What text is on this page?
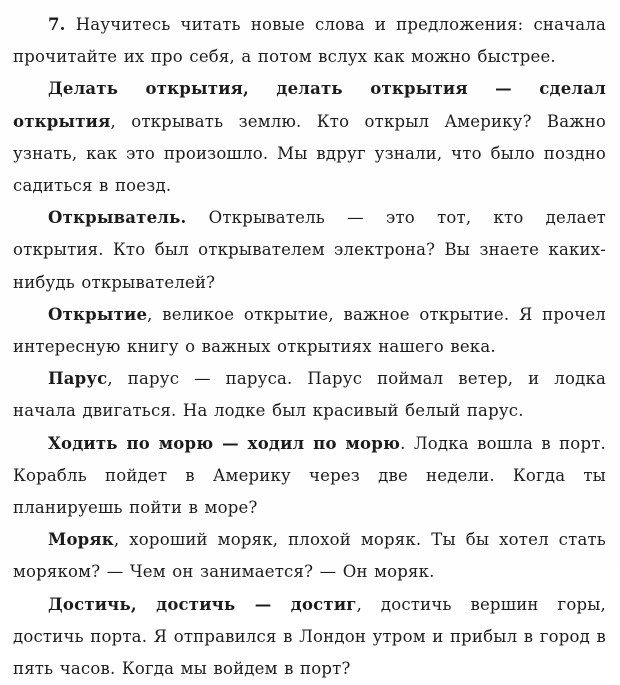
7. Научитесь читать новые слова и предложения: сначала прочитайте их про себя, а потом вслух как можно быстрее.

Делать открытия, делать открытия — сделал открытия, открывать землю. Кто открыл Америку? Важно узнать, как это произошло. Мы вдруг узнали, что было поздно садиться в поезд.

Открыватель. Открыватель — это тот, кто делает открытия. Кто был открывателем электрона? Вы знаете каких-нибудь открывателей?

Открытие, великое открытие, важное открытие. Я прочел интересную книгу о важных открытиях нашего века.

Парус, парус — паруса. Парус поймал ветер, и лодка начала двигаться. На лодке был красивый белый парус.

Ходить по морю — ходил по морю. Лодка вошла в порт. Корабль пойдет в Америку через две недели. Когда ты планируешь пойти в море?

Моряк, хороший моряк, плохой моряк. Ты бы хотел стать моряком? — Чем он занимается? — Он моряк.

Достичь, достичь — достиг, достичь вершин горы, достичь порта. Я отправился в Лондон утром и прибыл в город в пять часов. Когда мы войдем в порт?
